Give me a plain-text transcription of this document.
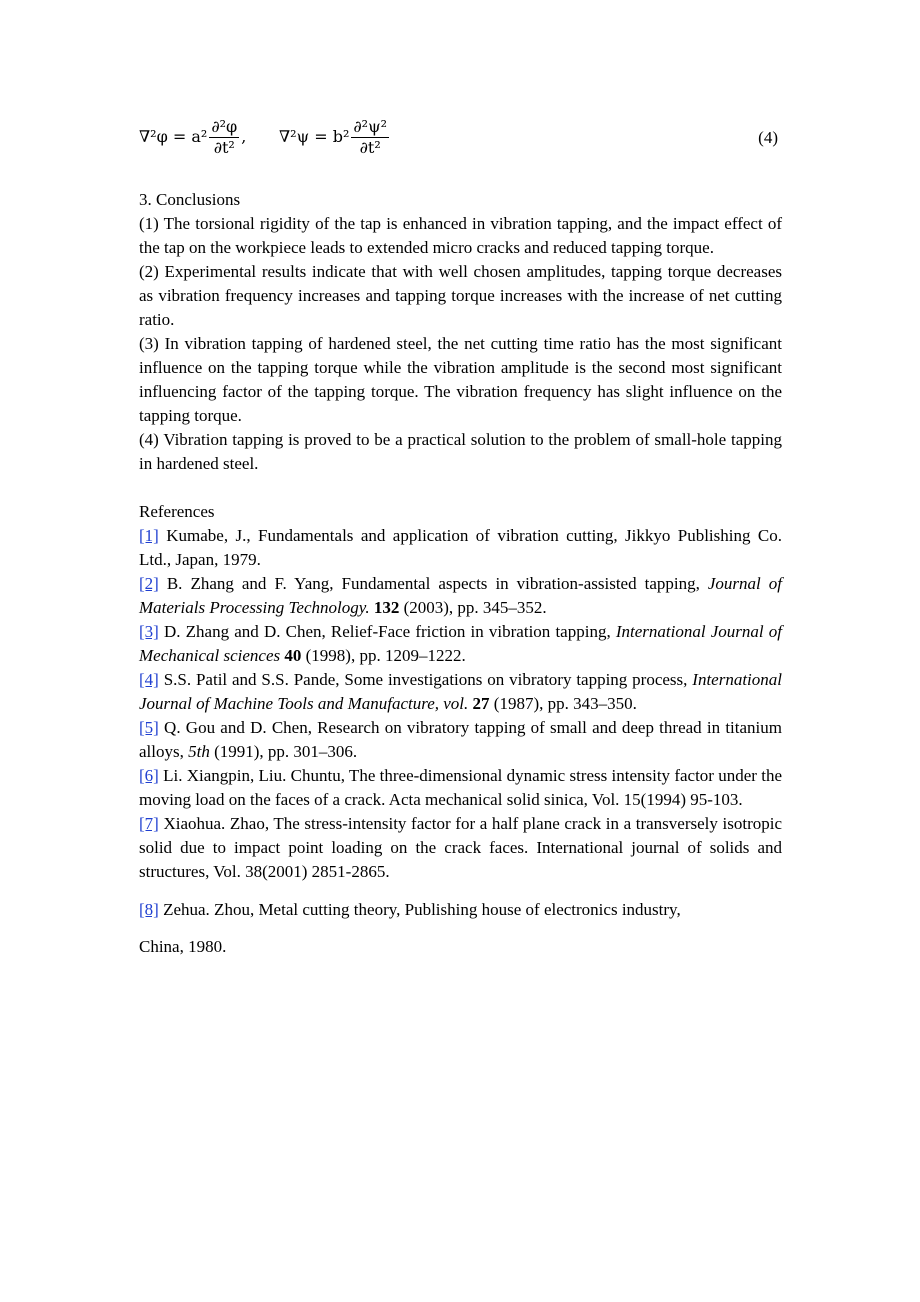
$\nabla^2\varphi = a^2 \frac{\text{∂²φ}}{\text{∂t²}}$ , $\nabla^2\psi = b^2 \frac{\text{∂²ψ²}}{\text{∂t²}}$	(4)

3. Conclusions

(1) The torsional rigidity of the tap is enhanced in vibration tapping, and the impact effect of the tap on the workpiece leads to extended micro cracks and reduced tapping torque.

(2) Experimental results indicate that with well chosen amplitudes, tapping torque decreases as vibration frequency increases and tapping torque increases with the increase of net cutting ratio.

(3) In vibration tapping of hardened steel, the net cutting time ratio has the most significant influence on the tapping torque while the vibration amplitude is the second most significant influencing factor of the tapping torque. The vibration frequency has slight influence on the tapping torque.

(4) Vibration tapping is proved to be a practical solution to the problem of small-hole tapping in hardened steel.

References

[1] Kumabe, J., Fundamentals and application of vibration cutting, Jikkyo Publishing Co. Ltd., Japan, 1979.

[2] B. Zhang and F. Yang, Fundamental aspects in vibration-assisted tapping, Journal of Materials Processing Technology. 132 (2003), pp. 345–352.

[3] D. Zhang and D. Chen, Relief-Face friction in vibration tapping, International Journal of Mechanical sciences 40 (1998), pp. 1209–1222.

[4] S.S. Patil and S.S. Pande, Some investigations on vibratory tapping process, International Journal of Machine Tools and Manufacture, vol. 27 (1987), pp. 343–350.

[5] Q. Gou and D. Chen, Research on vibratory tapping of small and deep thread in titanium alloys, 5th (1991), pp. 301–306.

[6] Li. Xiangpin, Liu. Chuntu, The three-dimensional dynamic stress intensity factor under the moving load on the faces of a crack. Acta mechanical solid sinica, Vol. 15(1994) 95-103.

[7] Xiaohua. Zhao, The stress-intensity factor for a half plane crack in a transversely isotropic solid due to impact point loading on the crack faces. International journal of solids and structures, Vol. 38(2001) 2851-2865.

[8] Zehua. Zhou, Metal cutting theory, Publishing house of electronics industry,

China, 1980.
